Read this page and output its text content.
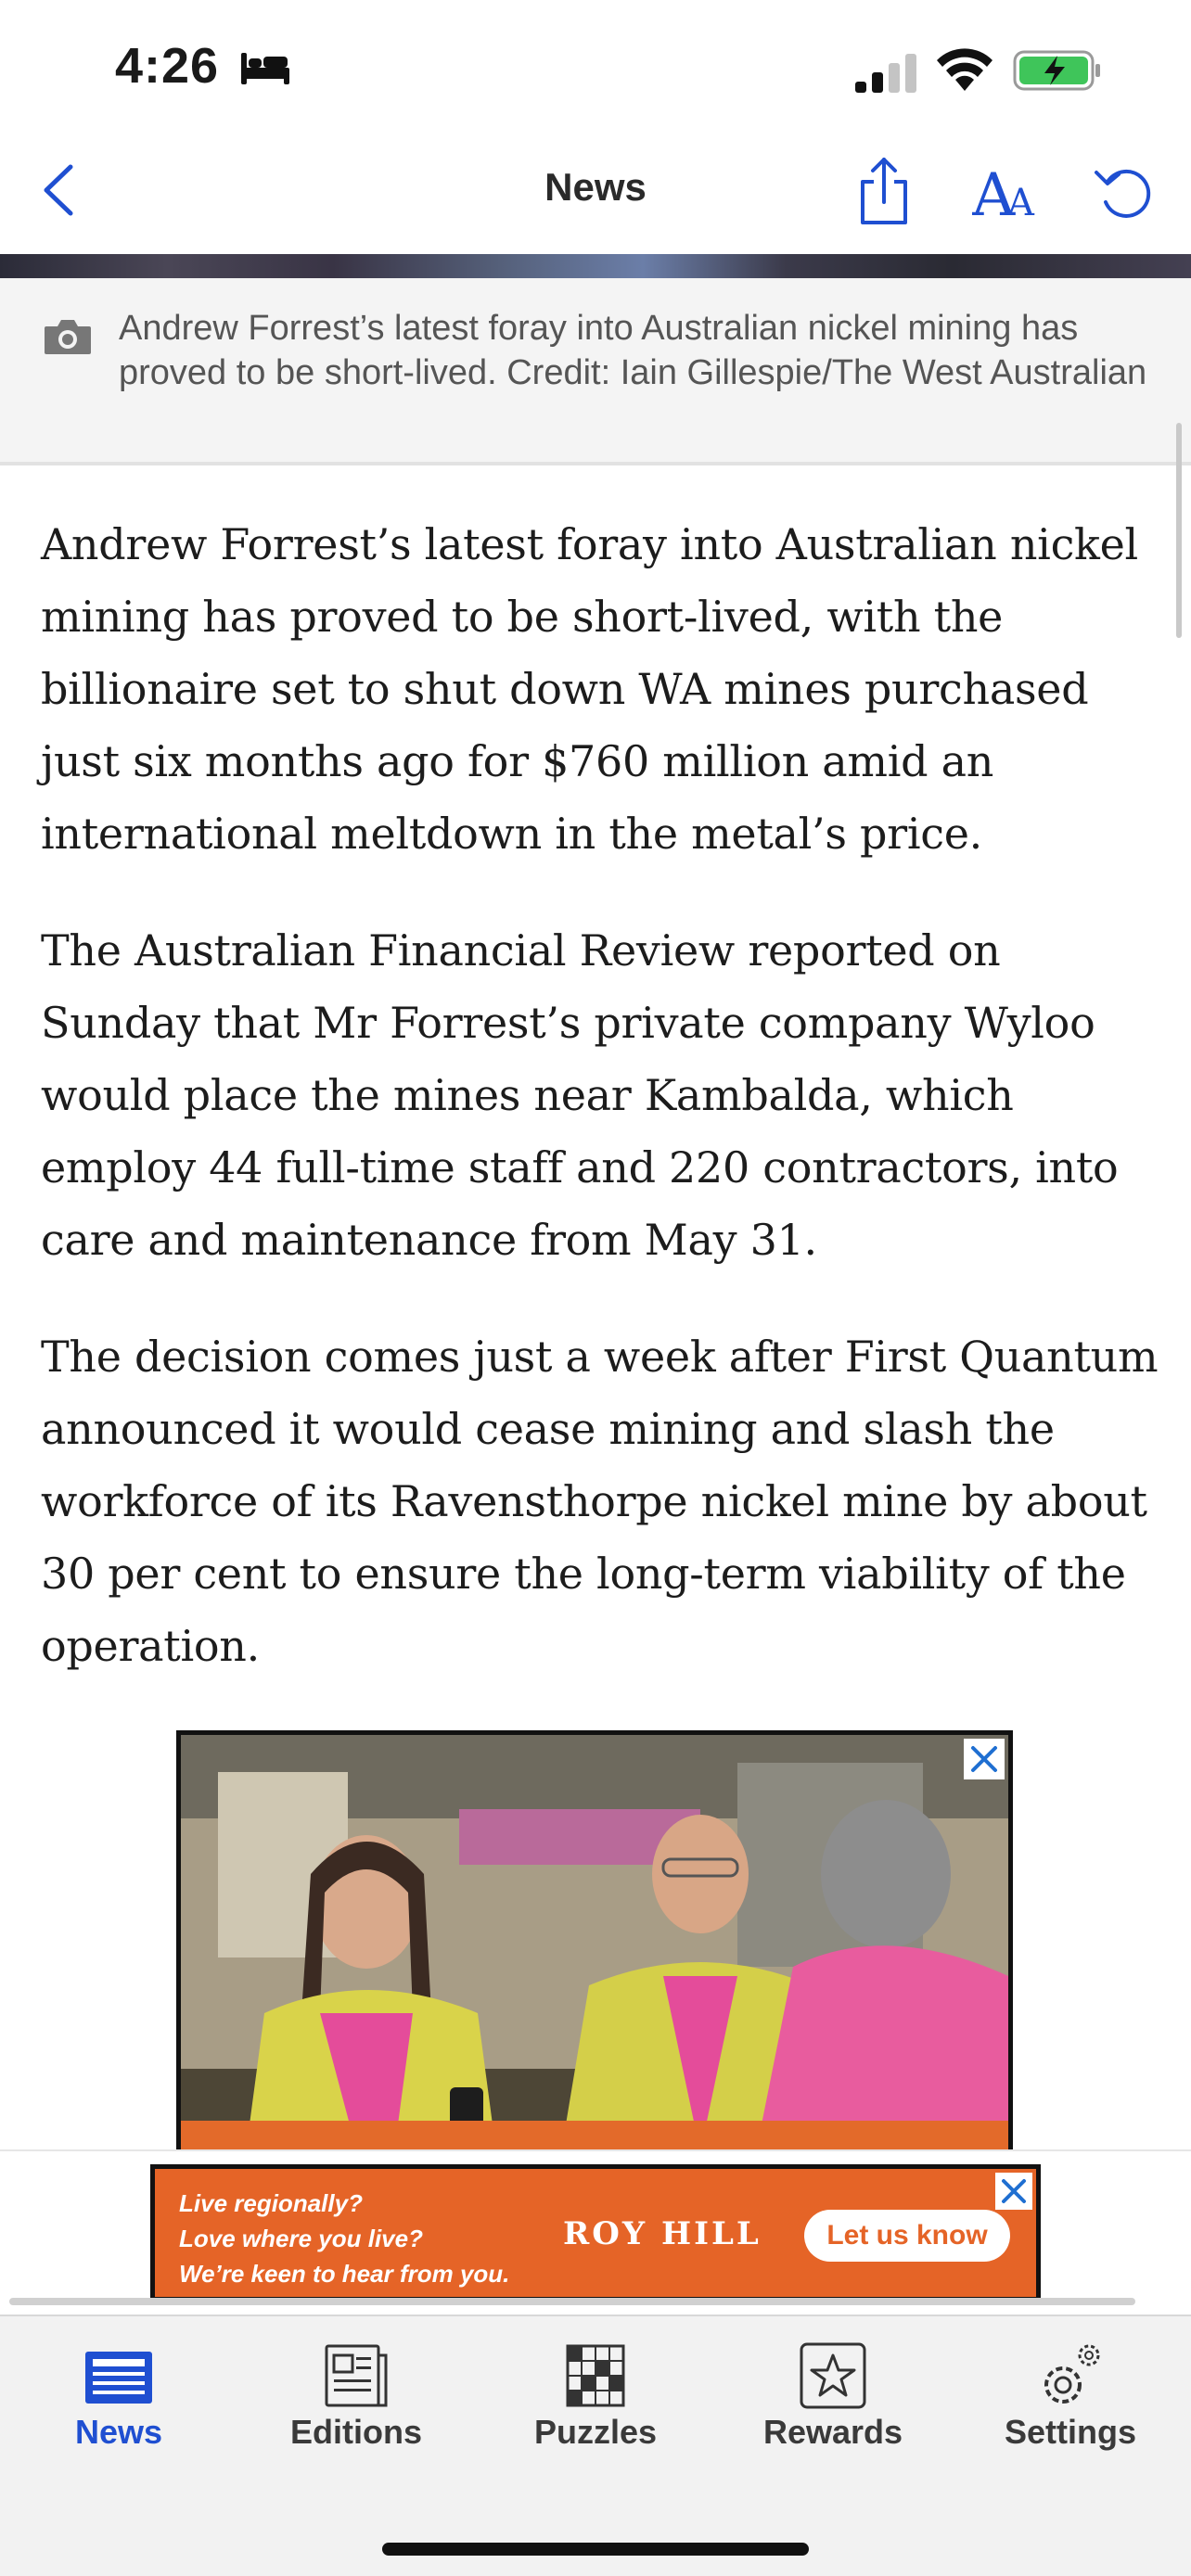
4:26
News	A
A
Andrew Forrest’s latest foray into Australian nickel mining has proved to be short-lived. Credit: Iain Gillespie/The West Australian

Andrew Forrest’s latest foray into Australian nickel mining has proved to be short-lived, with the billionaire set to shut down WA mines purchased just six months ago for $760 million amid an international meltdown in the metal’s price.

The Australian Financial Review reported on Sunday that Mr Forrest’s private company Wyloo would place the mines near Kambalda, which employ 44 full-time staff and 220 contractors, into care and maintenance from May 31.

The decision comes just a week after First Quantum announced it would cease mining and slash the workforce of its Ravensthorpe nickel mine by about 30 per cent to ensure the long-term viability of the operation.

Live regionally?
Love where you live?
We’re keen to hear from you.
ROY HILL	Let us know
News	Editions	Puzzles	Rewards	Settings
